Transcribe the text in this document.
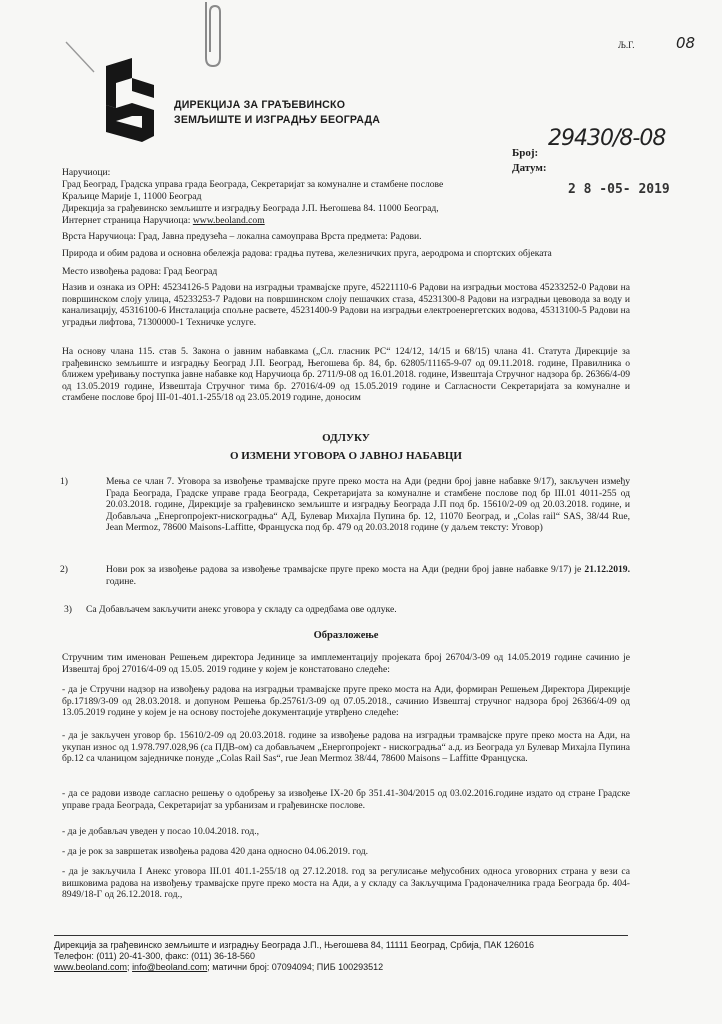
Љ.Г.	08
ДИРЕКЦИЈА ЗА ГРАЂЕВИНСКО
ЗЕМЉИШТЕ И ИЗГРАДЊУ БЕОГРАДА
Број:
29430/8-08
Датум:
2 8 -05- 2019
Наручиоци:
Град Београд, Градска управа града Београда, Секретаријат за комуналне и стамбене послове
Краљице Марије 1, 11000 Београд
Дирекција за грађевинско земљиште и изградњу Београда Ј.П. Његошева 84. 11000 Београд,
Интернет страница Наручиоца: www.beoland.com
Врста Наручиоца: Град, Јавна предузећа – локална самоуправа Врста предмета: Радови.
Природа и обим радова и основна обележја радова: градња путева, железничких пруга, аеродрома и спортских објеката
Место извођења радова: Град Београд
Назив и ознака из ОРН: 45234126-5 Радови на изградњи трамвајске пруге, 45221110-6 Радови на изградњи мостова 45233252-0 Радови на површинском слоју улица, 45233253-7 Радови на површинском слоју пешачких стаза, 45231300-8 Радови на изградњи цевовода за воду и канализацију, 45316100-6 Инсталација спољне расвете, 45231400-9 Радови на изградњи електроенергетских водова, 45313100-5 Радови на уградњи лифтова, 71300000-1 Техничке услуге.
На основу члана 115. став 5. Закона о јавним набавкама („Сл. гласник РС“ 124/12, 14/15 и 68/15) члана 41. Статута Дирекције за грађевинско земљиште и изградњу Београд Ј.П. Београд, Његошева бр. 84, бр. 62805/11165-9-07 од 09.11.2018. године, Правилника о ближем уређивању поступка јавне набавке код Наручиоца бр. 2711/9-08 од 16.01.2018. године, Извештаја Стручног надзора бр. 26366/4-09 од 13.05.2019 године, Извештаја Стручног тима бр. 27016/4-09 од 15.05.2019 године и Сагласности Секретаријата за комуналне и стамбене послове број III-01-401.1-255/18 од 23.05.2019 године, доносим
ОДЛУКУ
О ИЗМЕНИ УГОВОРА О ЈАВНОЈ НАБАВЦИ
1)	Мења се члан 7. Уговора за извођење трамвајске пруге преко моста на Ади (редни број јавне набавке 9/17), закључен између Града Београда, Градске управе града Београда, Секретаријата за комуналне и стамбене послове под бр III.01 4011-255 од 20.03.2018. године, Дирекције за грађевинско земљиште и изградњу Београда Ј.П под бр. 15610/2-09 од 20.03.2018. године, и Добављача „Енергопројект-нискоградња“ АД, Булевар Михајла Пупина бр. 12, 11070 Београд, и „Colas rail“ SAS, 38/44 Rue, Jean Mermoz, 78600 Maisons-Laffitte, Француска под бр. 479 од 20.03.2018 године (у даљем тексту: Уговор)
2)	Нови рок за извођење радова за извођење трамвајске пруге преко моста на Ади (редни број јавне набавке 9/17) је 21.12.2019. године.
3) Са Добављачем закључити анекс уговора у складу са одредбама ове одлуке.
Образложење
Стручним тим именован Решењем директора Јединице за имплементацију пројеката број 26704/3-09 од 14.05.2019 године сачинио је Извештај број 27016/4-09 од 15.05. 2019 године у којем је констатовано следеће:
- да је Стручни надзор на извођењу радова на изградњи трамвајске пруге преко моста на Ади, формиран Решењем Директора Дирекције бр.17189/3-09 од 28.03.2018. и допуном Решења бр.25761/3-09 од 07.05.2018., сачинио Извештај стручног надзора број 26366/4-09 од 13.05.2019 године у којем је на основу постојеће документације утврђено следеће:
- да је закључен уговор бр. 15610/2-09 од 20.03.2018. године за извођење радова на изградњи трамвајске пруге преко моста на Ади, на укупан износ од 1.978.797.028,96 (са ПДВ-ом) са добављачем „Енергопројект - нискоградња“ а.д. из Београда ул Булевар Михајла Пупина бр.12 са чланицом заједничке понуде „Colas Rail Sas“, rue Jean Mermoz 38/44, 78600 Maisons – Laffitte Француска.
- да се радови изводе сагласно решењу о одобрењу за извођење IX-20 бр 351.41-304/2015 од 03.02.2016.године издато од стране Градске управе града Београда, Секретаријат за урбанизам и грађевинске послове.
- да је добављач уведен у посао 10.04.2018. год.,
- да је рок за завршетак извођења радова 420 дана односно 04.06.2019. год.
- да је закључила I Анекс уговора III.01 401.1-255/18 од 27.12.2018. год за регулисање међусобних односа уговорних страна у вези са вишковима радова на извођењу трамвајске пруге преко моста на Ади, а у складу са Закључцима Градоначелника града Београда бр. 404-8949/18-Г од 26.12.2018. год.,
Дирекција за грађевинско земљиште и изградњу Београда Ј.П., Његошева 84, 11111 Београд, Србија, ПАК 126016
Телефон: (011) 20-41-300, факс: (011) 36-18-560
www.beoland.com; info@beoland.com; матични број: 07094094; ПИБ 100293512
